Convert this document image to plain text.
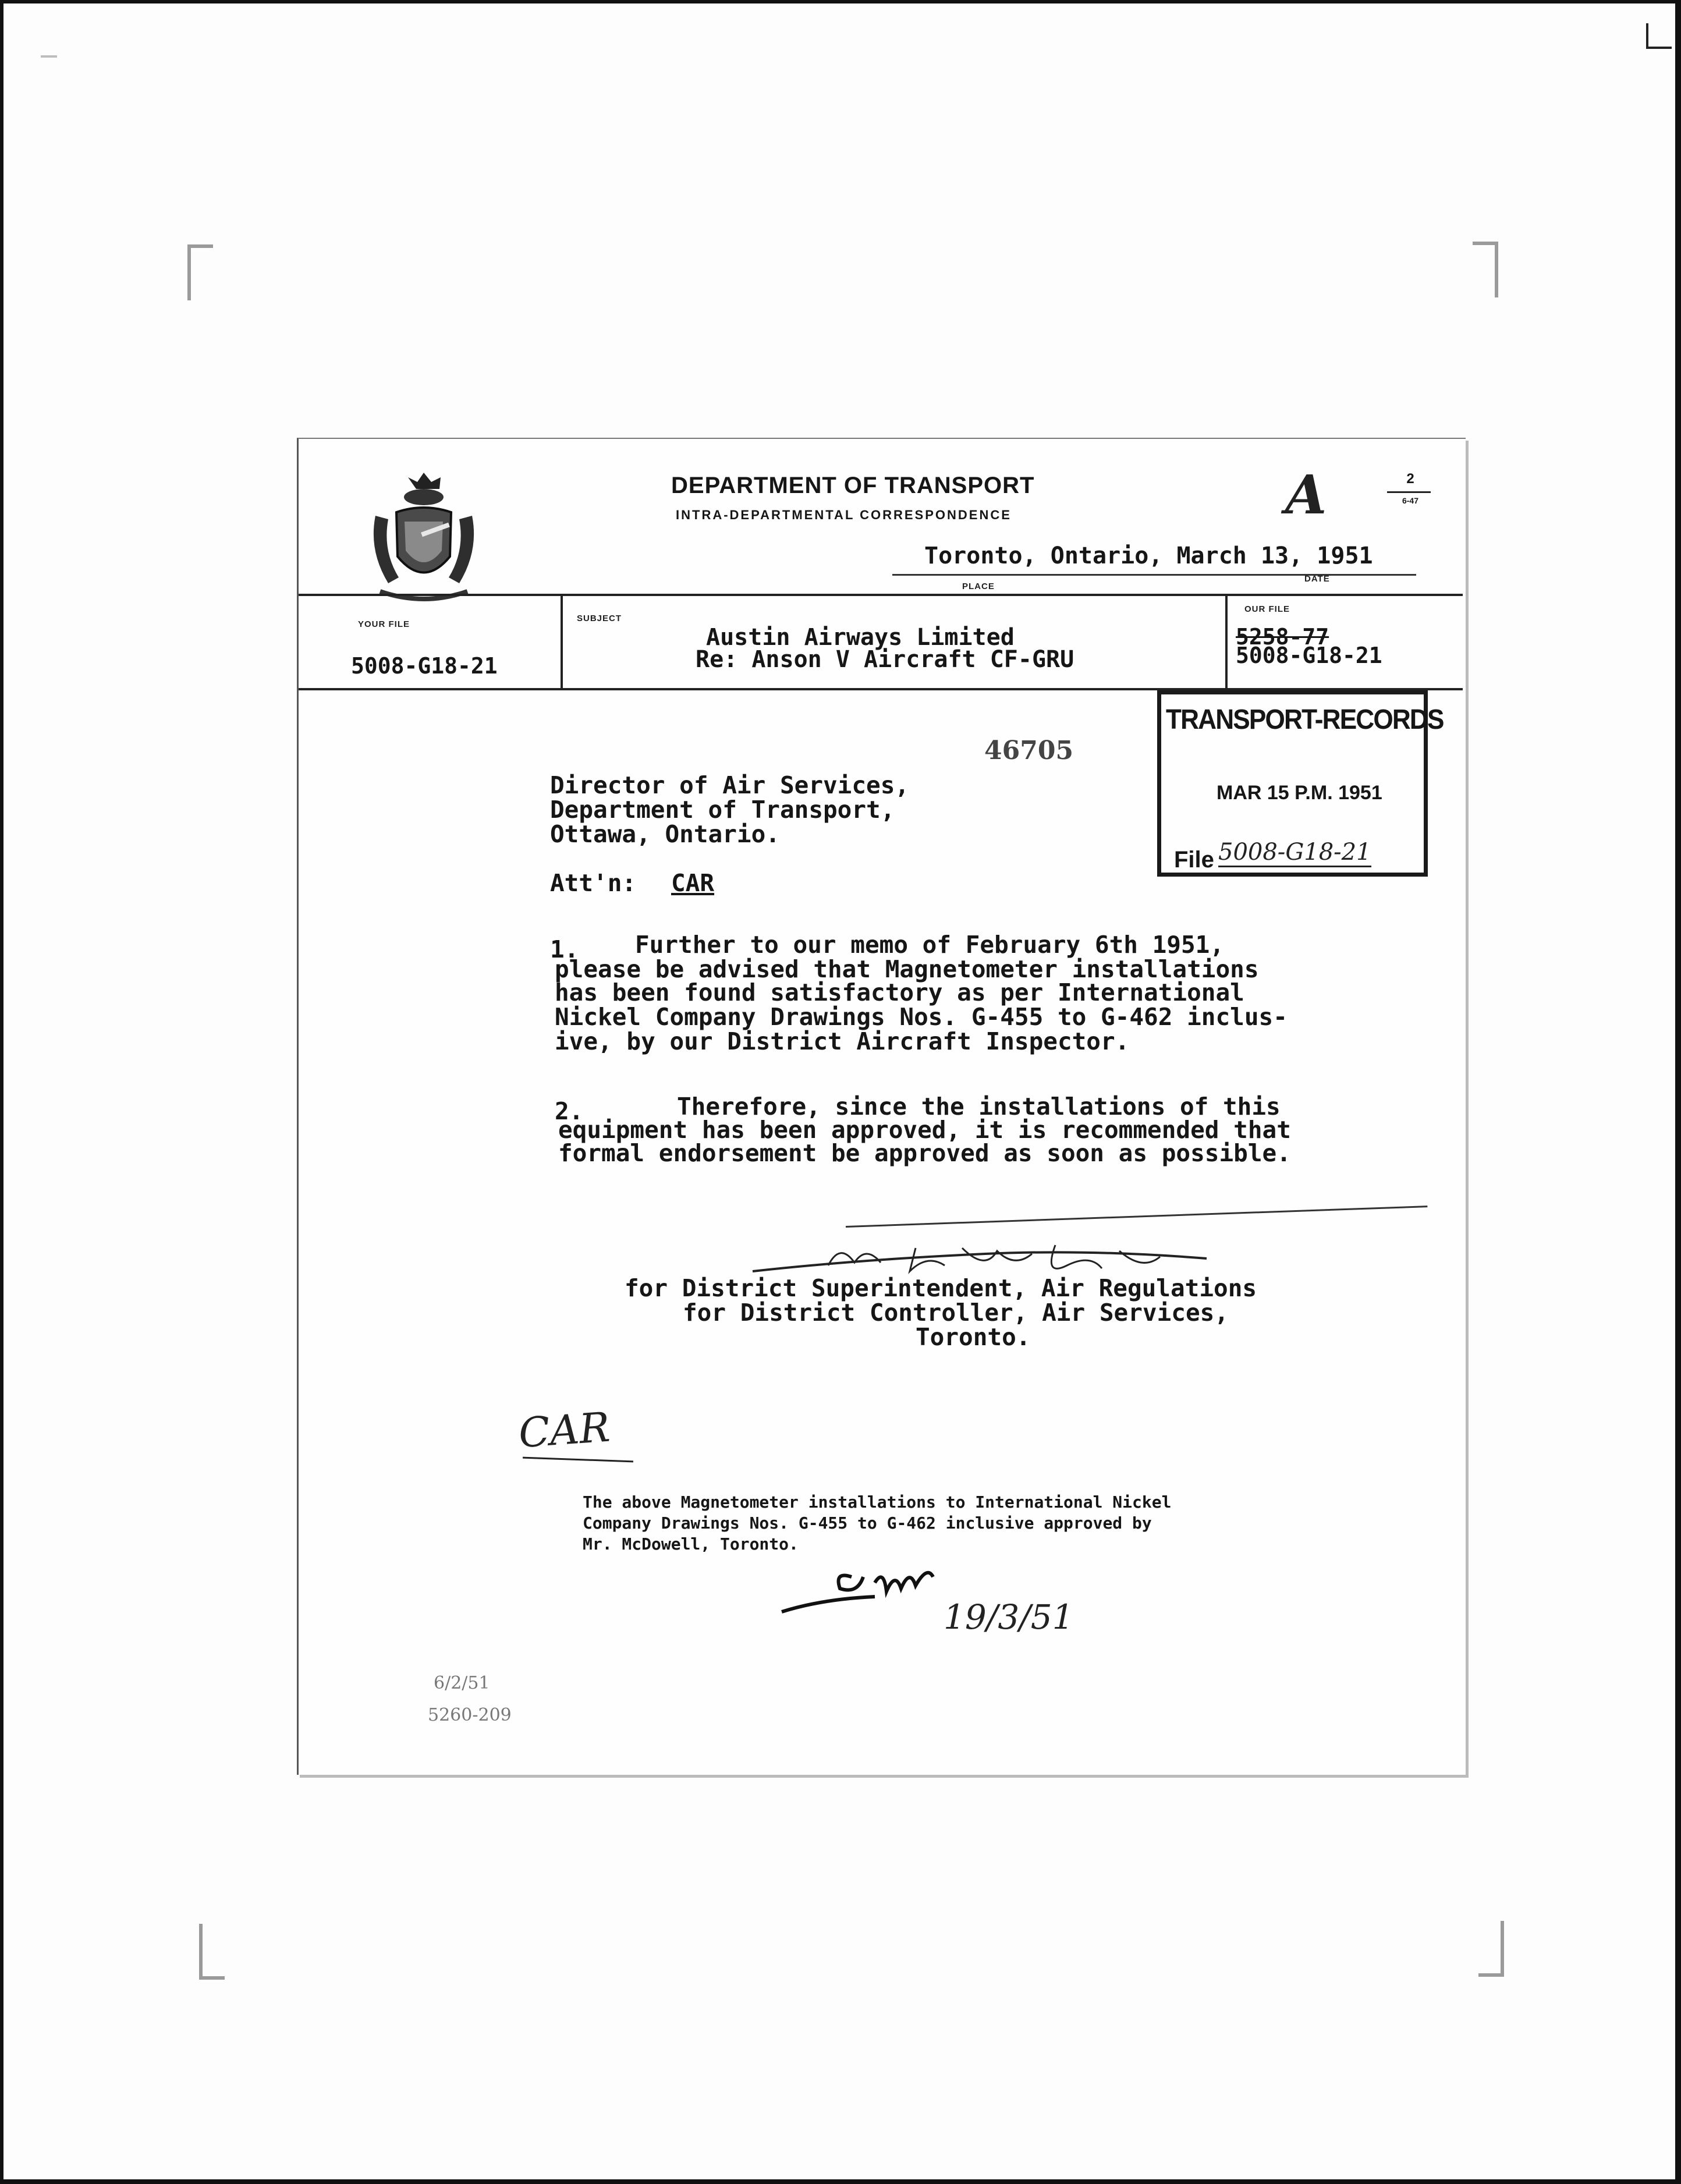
DEPARTMENT OF TRANSPORT
INTRA-DEPARTMENTAL CORRESPONDENCE	A	2
6-47
Toronto, Ontario, March 13, 1951
PLACE
DATE
YOUR FILE
5008-G18-21
SUBJECT
Austin Airways Limited
Re: Anson V Aircraft CF-GRU
OUR FILE
5258-77
5008-G18-21
TRANSPORT-RECORDS
MAR 15 P.M. 1951
File 5008-G18-21
46705
Director of Air Services,
Department of Transport,
Ottawa, Ontario.
Att'n: CAR
1. Further to our memo of February 6th 1951,
please be advised that Magnetometer installations
has been found satisfactory as per International
Nickel Company Drawings Nos. G-455 to G-462 inclus-
ive, by our District Aircraft Inspector.
2.	Therefore, since the installations of this
equipment has been approved, it is recommended that
formal endorsement be approved as soon as possible.
for District Superintendent, Air Regulations
for District Controller, Air Services,
Toronto.
CAR
The above Magnetometer installations to International Nickel
Company Drawings Nos. G-455 to G-462 inclusive approved by
Mr. McDowell, Toronto.
19/3/51
6/2/51
5260-209
